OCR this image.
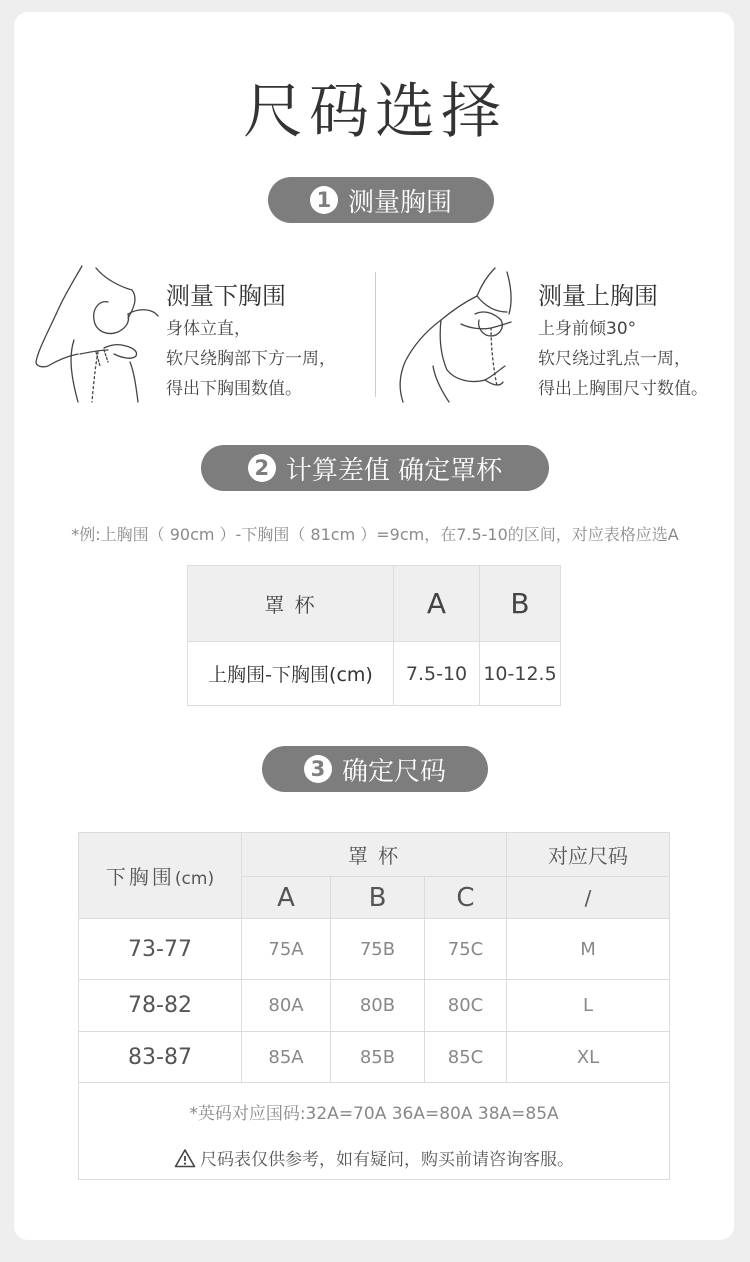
尺码选择
1 测量胸围
测量下胸围
身体立直，
软尺绕胸部下方一周，
得出下胸围数值。
测量上胸围
上身前倾30°
软尺绕过乳点一周，
得出上胸围尺寸数值。
2 计算差值 确定罩杯
*例:上胸围（ 90cm ）-下胸围（ 81cm ）=9cm，在7.5-10的区间，对应表格应选A
罩 杯	A	B
上胸围-下胸围(cm)	7.5-10	10-12.5
3 确定尺码
下胸围(cm)	罩 杯			对应尺码
	A	B	C	/
73-77	75A	75B	75C	M
78-82	80A	80B	80C	L
83-87	85A	85B	85C	XL
*英码对应国码:32A=70A 36A=80A 38A=85A
尺码表仅供参考，如有疑问，购买前请咨询客服。
